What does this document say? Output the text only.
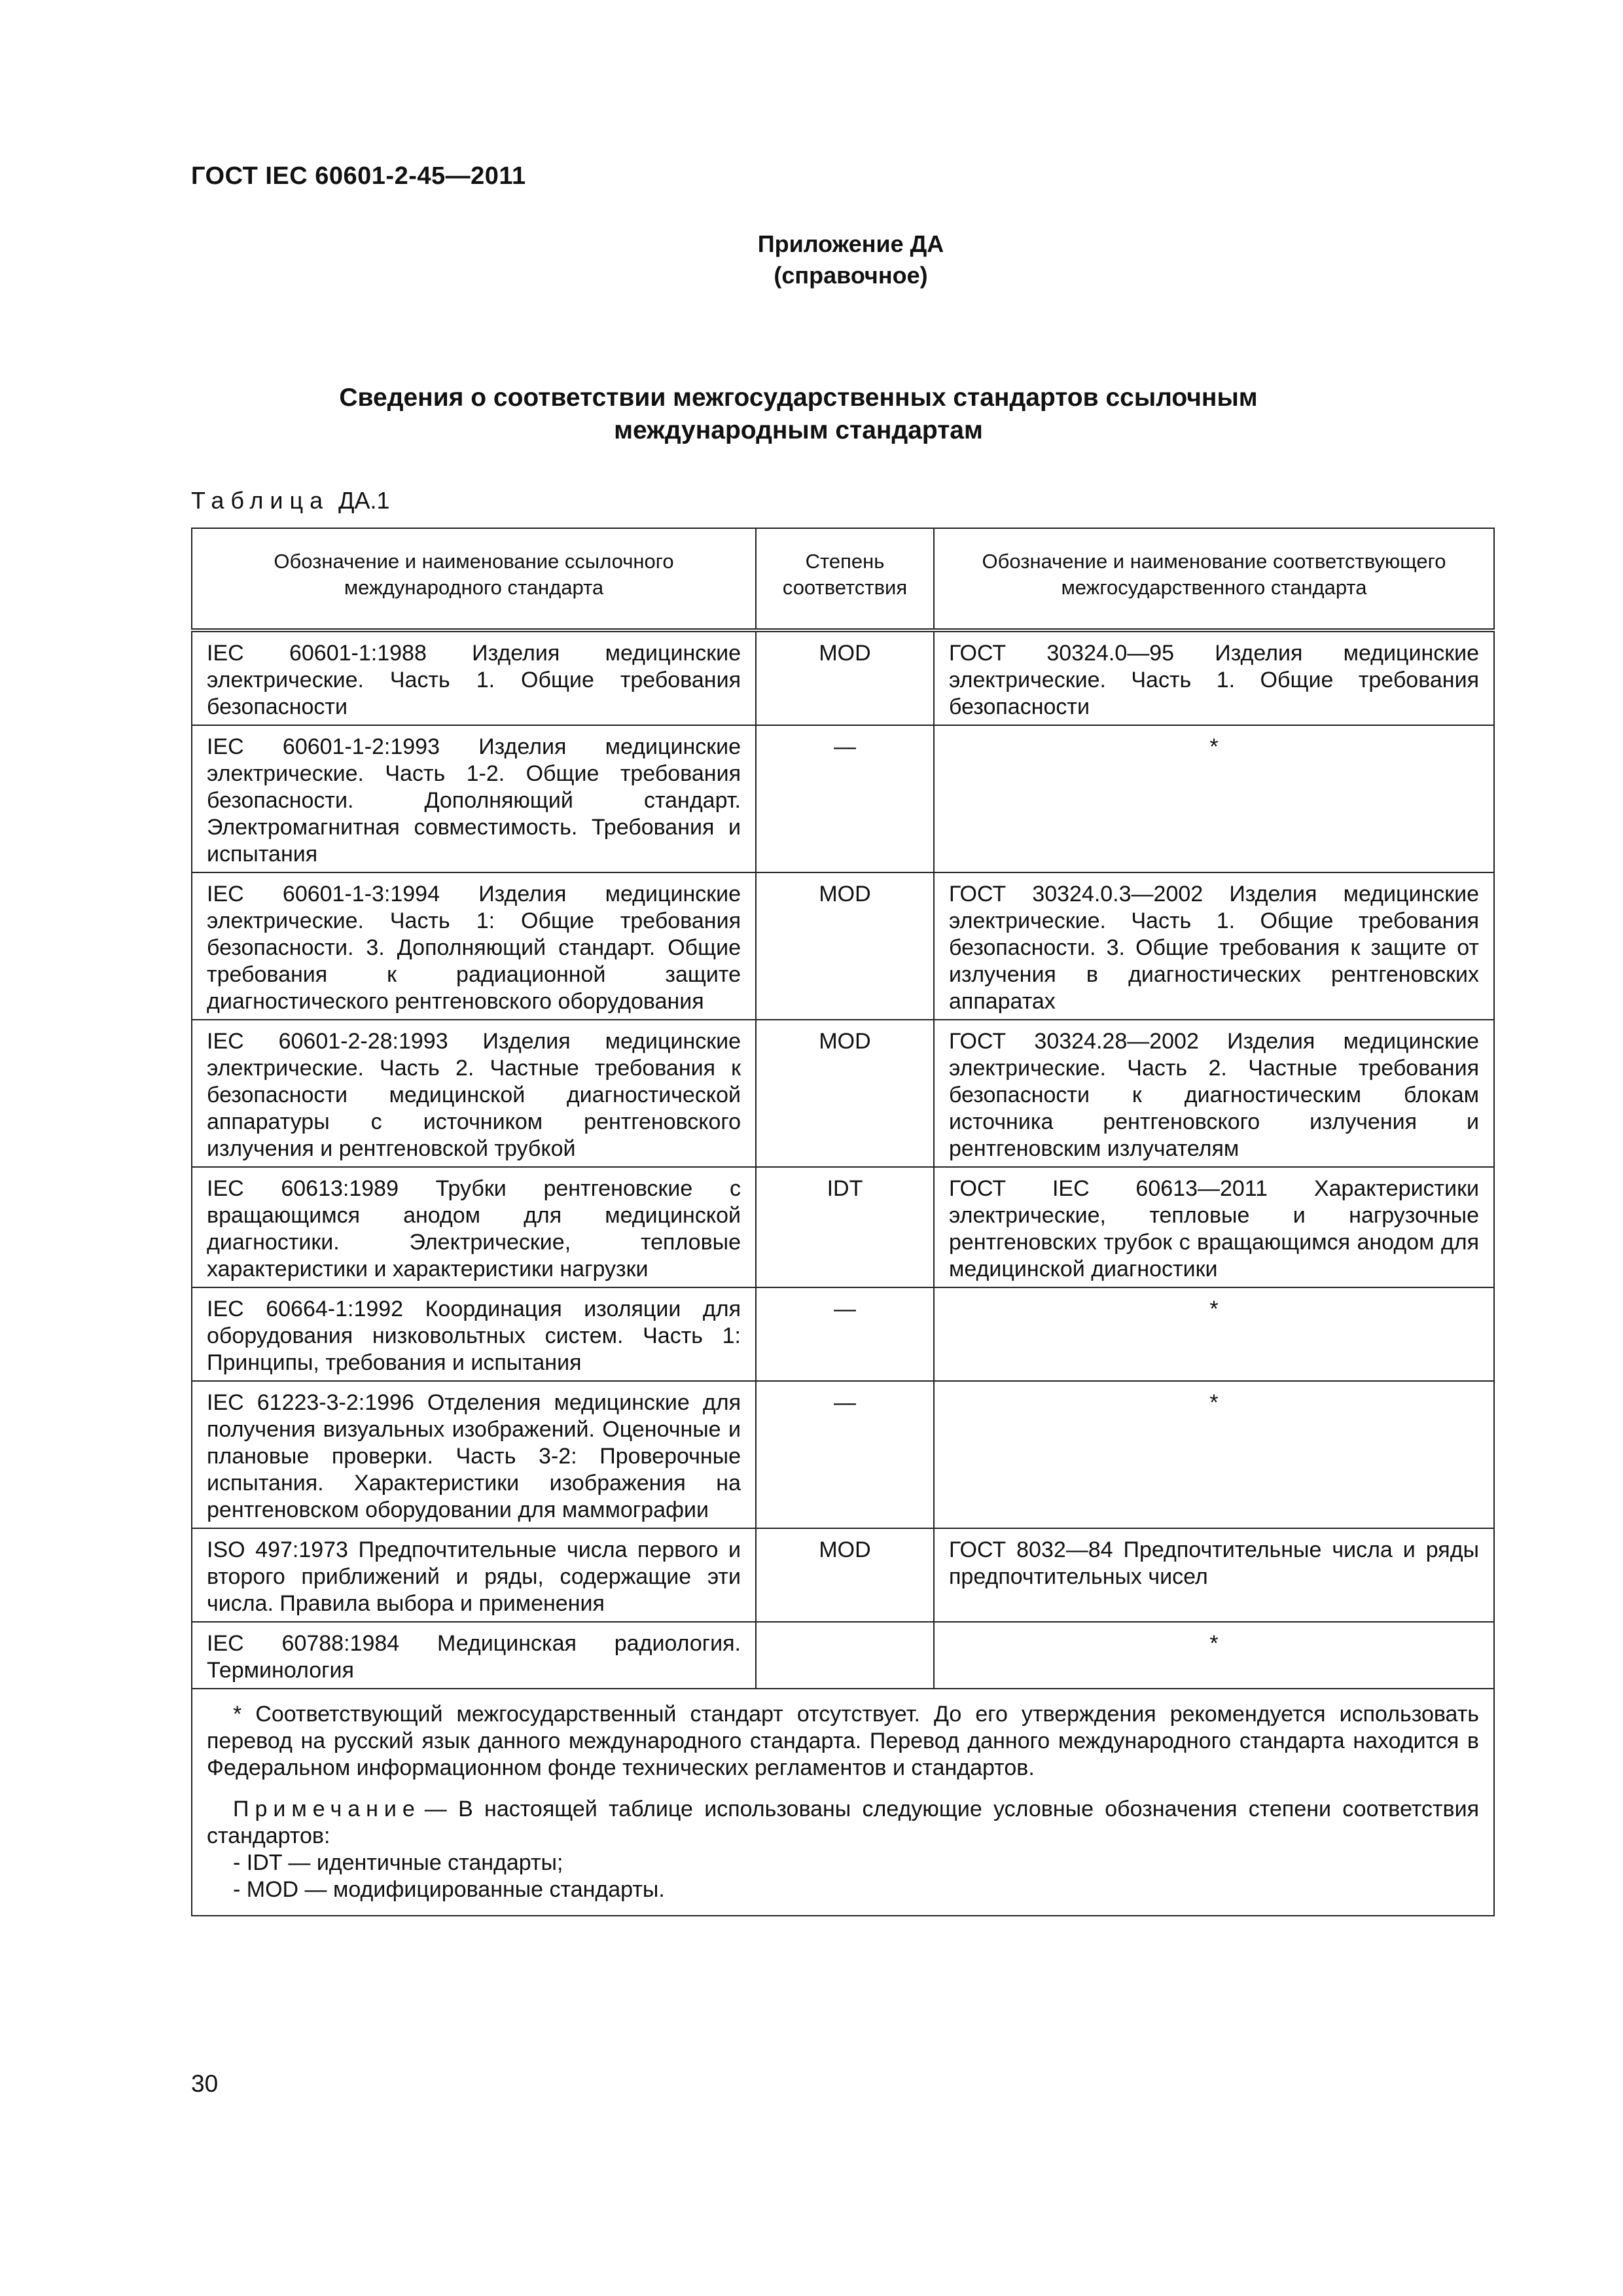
ГОСТ IEC 60601-2-45—2011
Приложение ДА
(справочное)
Сведения о соответствии межгосударственных стандартов ссылочным международным стандартам
Таблица ДА.1
Обозначение и наименование ссылочного международного стандарта	Степень соответствия	Обозначение и наименование соответствующего межгосударственного стандарта
IEC 60601-1:1988 Изделия медицинские электрические. Часть 1. Общие требования безопасности	MOD	ГОСТ 30324.0—95 Изделия медицинские электрические. Часть 1. Общие требования безопасности
IEC 60601-1-2:1993 Изделия медицинские электрические. Часть 1-2. Общие требования безопасности. Дополняющий стандарт. Электромагнитная совместимость. Требования и испытания	—	*
IEC 60601-1-3:1994 Изделия медицинские электрические. Часть 1: Общие требования безопасности. 3. Дополняющий стандарт. Общие требования к радиационной защите диагностического рентгеновского оборудования	MOD	ГОСТ 30324.0.3—2002 Изделия медицинские электрические. Часть 1. Общие требования безопасности. 3. Общие требования к защите от излучения в диагностических рентгеновских аппаратах
IEC 60601-2-28:1993 Изделия медицинские электрические. Часть 2. Частные требования к безопасности медицинской диагностической аппаратуры с источником рентгеновского излучения и рентгеновской трубкой	MOD	ГОСТ 30324.28—2002 Изделия медицинские электрические. Часть 2. Частные требования безопасности к диагностическим блокам источника рентгеновского излучения и рентгеновским излучателям
IEC 60613:1989 Трубки рентгеновские с вращающимся анодом для медицинской диагностики. Электрические, тепловые характеристики и характеристики нагрузки	IDT	ГОСТ IEC 60613—2011 Характеристики электрические, тепловые и нагрузочные рентгеновских трубок с вращающимся анодом для медицинской диагностики
IEC 60664-1:1992 Координация изоляции для оборудования низковольтных систем. Часть 1: Принципы, требования и испытания	—	*
IEC 61223-3-2:1996 Отделения медицинские для получения визуальных изображений. Оценочные и плановые проверки. Часть 3-2: Проверочные испытания. Характеристики изображения на рентгеновском оборудовании для маммографии	—	*
ISO 497:1973 Предпочтительные числа первого и второго приближений и ряды, содержащие эти числа. Правила выбора и применения	MOD	ГОСТ 8032—84 Предпочтительные числа и ряды предпочтительных чисел
IEC 60788:1984 Медицинская радиология. Терминология		*

* Соответствующий межгосударственный стандарт отсутствует. До его утверждения рекомендуется использовать перевод на русский язык данного международного стандарта. Перевод данного международного стандарта находится в Федеральном информационном фонде технических регламентов и стандартов.

Примечание — В настоящей таблице использованы следующие условные обозначения степени соответствия стандартов:

- IDT — идентичные стандарты;

- MOD — модифицированные стандарты.		

30
